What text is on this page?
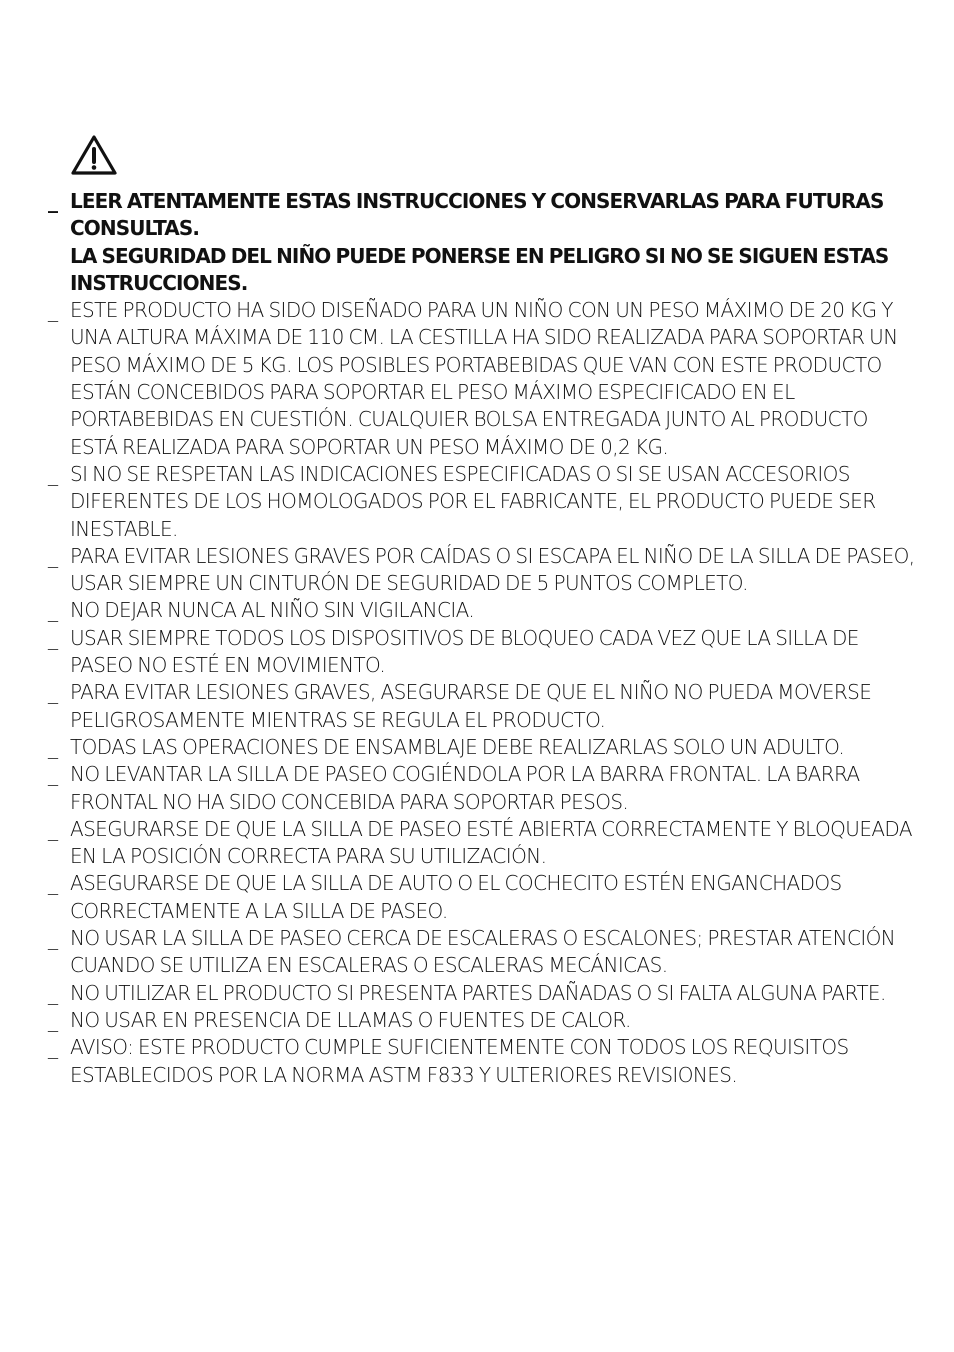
_ LEER ATENTAMENTE ESTAS INSTRUCCIONES Y CONSERVARLAS PARA FUTURAS CONSULTAS.
LA SEGURIDAD DEL NIÑO PUEDE PONERSE EN PELIGRO SI NO SE SIGUEN ESTAS INSTRUCCIONES.
_ ESTE PRODUCTO HA SIDO DISEÑADO PARA UN NIÑO CON UN PESO MÁXIMO DE 20 KG Y UNA ALTURA MÁXIMA DE 110 CM. LA CESTILLA HA SIDO REALIZADA PARA SOPORTAR UN PESO MÁXIMO DE 5 KG. LOS POSIBLES PORTABEBIDAS QUE VAN CON ESTE PRODUCTO ESTÁN CONCEBIDOS PARA SOPORTAR EL PESO MÁXIMO ESPECIFICADO EN EL PORTABEBIDAS EN CUESTIÓN. CUALQUIER BOLSA ENTREGADA JUNTO AL PRODUCTO ESTÁ REALIZADA PARA SOPORTAR UN PESO MÁXIMO DE 0,2 KG.
_ SI NO SE RESPETAN LAS INDICACIONES ESPECIFICADAS O SI SE USAN ACCESORIOS DIFERENTES DE LOS HOMOLOGADOS POR EL FABRICANTE, EL PRODUCTO PUEDE SER INESTABLE.
_ PARA EVITAR LESIONES GRAVES POR CAÍDAS O SI ESCAPA EL NIÑO DE LA SILLA DE PASEO, USAR SIEMPRE UN CINTURÓN DE SEGURIDAD DE 5 PUNTOS COMPLETO.
_ NO DEJAR NUNCA AL NIÑO SIN VIGILANCIA.
_ USAR SIEMPRE TODOS LOS DISPOSITIVOS DE BLOQUEO CADA VEZ QUE LA SILLA DE PASEO NO ESTÉ EN MOVIMIENTO.
_ PARA EVITAR LESIONES GRAVES, ASEGURARSE DE QUE EL NIÑO NO PUEDA MOVERSE PELIGROSAMENTE MIENTRAS SE REGULA EL PRODUCTO.
_ TODAS LAS OPERACIONES DE ENSAMBLAJE DEBE REALIZARLAS SOLO UN ADULTO.
_ NO LEVANTAR LA SILLA DE PASEO COGIÉNDOLA POR LA BARRA FRONTAL. LA BARRA FRONTAL NO HA SIDO CONCEBIDA PARA SOPORTAR PESOS.
_ ASEGURARSE DE QUE LA SILLA DE PASEO ESTÉ ABIERTA CORRECTAMENTE Y BLOQUEADA EN LA POSICIÓN CORRECTA PARA SU UTILIZACIÓN.
_ ASEGURARSE DE QUE LA SILLA DE AUTO O EL COCHECITO ESTÉN ENGANCHADOS CORRECTAMENTE A LA SILLA DE PASEO.
_ NO USAR LA SILLA DE PASEO CERCA DE ESCALERAS O ESCALONES; PRESTAR ATENCIÓN CUANDO SE UTILIZA EN ESCALERAS O ESCALERAS MECÁNICAS.
_ NO UTILIZAR EL PRODUCTO SI PRESENTA PARTES DAÑADAS O SI FALTA ALGUNA PARTE.
_ NO USAR EN PRESENCIA DE LLAMAS O FUENTES DE CALOR.
_ AVISO: ESTE PRODUCTO CUMPLE SUFICIENTEMENTE CON TODOS LOS REQUISITOS ESTABLECIDOS POR LA NORMA ASTM F833 Y ULTERIORES REVISIONES.
